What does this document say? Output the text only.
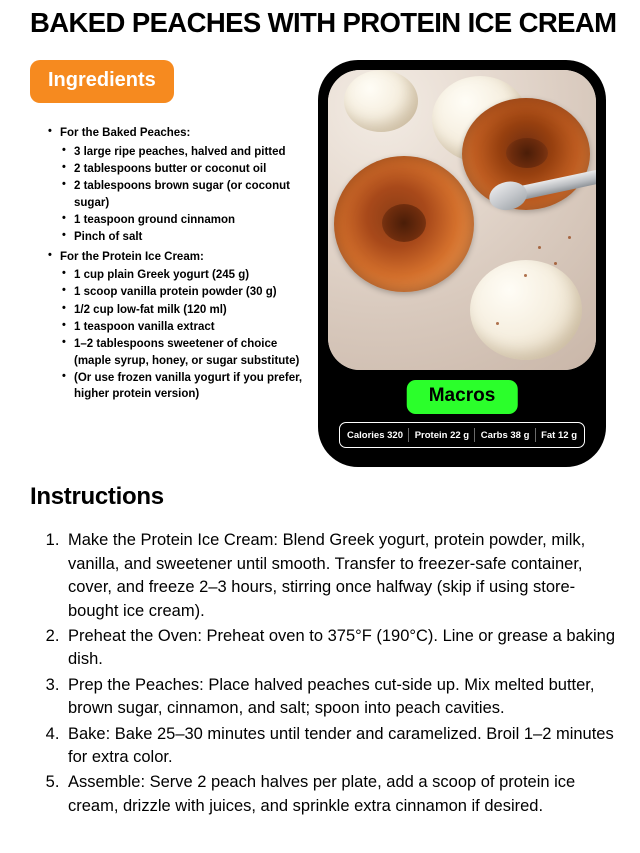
BAKED PEACHES WITH PROTEIN ICE CREAM
Ingredients
• For the Baked Peaches:
• 3 large ripe peaches, halved and pitted
• 2 tablespoons butter or coconut oil
• 2 tablespoons brown sugar (or coconut sugar)
• 1 teaspoon ground cinnamon
• Pinch of salt
• For the Protein Ice Cream:
• 1 cup plain Greek yogurt (245 g)
• 1 scoop vanilla protein powder (30 g)
• 1/2 cup low-fat milk (120 ml)
• 1 teaspoon vanilla extract
• 1–2 tablespoons sweetener of choice (maple syrup, honey, or sugar substitute)
• (Or use frozen vanilla yogurt if you prefer, higher protein version)	Macros
Calories 320 Protein 22 g Carbs 38 g Fat 12 g
Instructions
1. Make the Protein Ice Cream: Blend Greek yogurt, protein powder, milk, vanilla, and sweetener until smooth. Transfer to freezer-safe container, cover, and freeze 2–3 hours, stirring once halfway (skip if using store-bought ice cream).
2. Preheat the Oven: Preheat oven to 375°F (190°C). Line or grease a baking dish.
3. Prep the Peaches: Place halved peaches cut-side up. Mix melted butter, brown sugar, cinnamon, and salt; spoon into peach cavities.
4. Bake: Bake 25–30 minutes until tender and caramelized. Broil 1–2 minutes for extra color.
5. Assemble: Serve 2 peach halves per plate, add a scoop of protein ice cream, drizzle with juices, and sprinkle extra cinnamon if desired.
